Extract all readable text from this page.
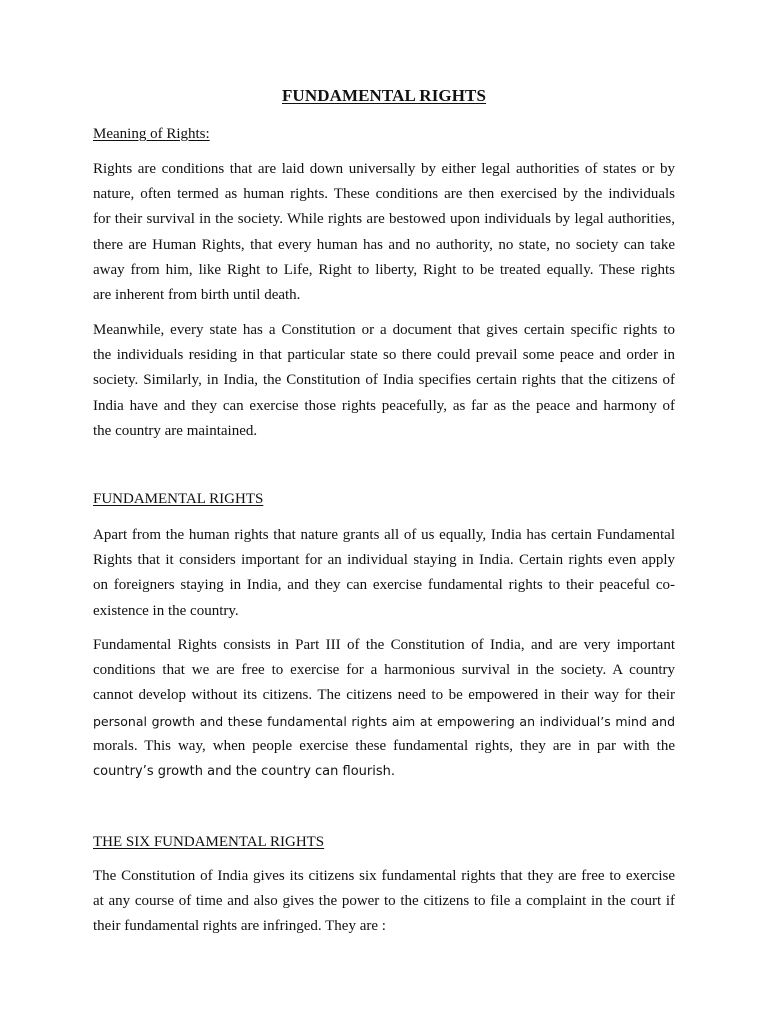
FUNDAMENTAL RIGHTS
Meaning of Rights:
Rights are conditions that are laid down universally by either legal authorities of states or by
nature, often termed as human rights. These conditions are then exercised by the individuals
for their survival in the society. While rights are bestowed upon individuals by legal authorities,
there are Human Rights, that every human has and no authority, no state, no society can take
away from him, like Right to Life, Right to liberty, Right to be treated equally. These rights
are inherent from birth until death.
Meanwhile, every state has a Constitution or a document that gives certain specific rights to
the individuals residing in that particular state so there could prevail some peace and order in
society. Similarly, in India, the Constitution of India specifies certain rights that the citizens of
India have and they can exercise those rights peacefully, as far as the peace and harmony of
the country are maintained.
FUNDAMENTAL RIGHTS
Apart from the human rights that nature grants all of us equally, India has certain Fundamental
Rights that it considers important for an individual staying in India. Certain rights even apply
on foreigners staying in India, and they can exercise fundamental rights to their peaceful co-
existence in the country.
Fundamental Rights consists in Part III of the Constitution of India, and are very important
conditions that we are free to exercise for a harmonious survival in the society. A country
cannot develop without its citizens. The citizens need to be empowered in their way for their
personal growth and these fundamental rights aim at empowering an individual’s mind and
morals. This way, when people exercise these fundamental rights, they are in par with the
country’s growth and the country can flourish.
THE SIX FUNDAMENTAL RIGHTS
The Constitution of India gives its citizens six fundamental rights that they are free to exercise
at any course of time and also gives the power to the citizens to file a complaint in the court if
their fundamental rights are infringed. They are :
